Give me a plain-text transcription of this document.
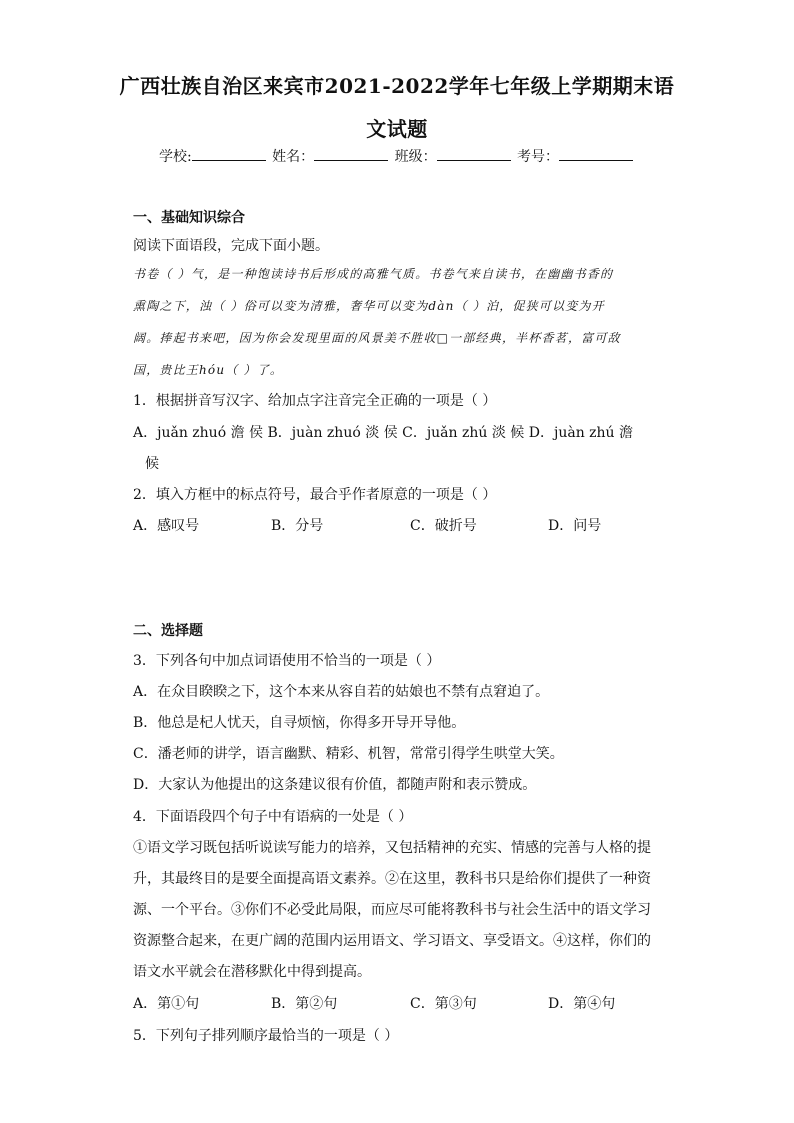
广西壮族自治区来宾市2021-2022学年七年级上学期期末语
文试题
学校:	姓名：	班级：	考号：
一、基础知识综合
阅读下面语段，完成下面小题。
书卷（ ）气，是一种饱读诗书后形成的高雅气质。书卷气来自读书，在幽幽书香的
熏陶之下，浊（ ）俗可以变为清雅，奢华可以变为dàn（ ）泊，促狭可以变为开
阔。捧起书来吧，因为你会发现里面的风景美不胜收□一部经典，半杯香茗，富可敌
国，贵比王hóu（ ）了。
1．根据拼音写汉字、给加点字注音完全正确的一项是（ ）
A．juǎn zhuó 澹 侯 B．juàn zhuó 淡 侯 C．juǎn zhú 淡 候 D．juàn zhú 澹
候
2．填入方框中的标点符号，最合乎作者原意的一项是（ ）
A．感叹号	B．分号	C．破折号	D．问号
二、选择题
3．下列各句中加点词语使用不恰当的一项是（ ）
A．在众目睽睽之下，这个本来从容自若的姑娘也不禁有点窘迫了。
B．他总是杞人忧天，自寻烦恼，你得多开导开导他。
C．潘老师的讲学，语言幽默、精彩、机智，常常引得学生哄堂大笑。
D．大家认为他提出的这条建议很有价值，都随声附和表示赞成。
4．下面语段四个句子中有语病的一处是（ ）
①语文学习既包括听说读写能力的培养，又包括精神的充实、情感的完善与人格的提
升，其最终目的是要全面提高语文素养。②在这里，教科书只是给你们提供了一种资
源、一个平台。③你们不必受此局限，而应尽可能将教科书与社会生活中的语文学习
资源整合起来，在更广阔的范围内运用语文、学习语文、享受语文。④这样，你们的
语文水平就会在潜移默化中得到提高。
A．第①句	B．第②句	C．第③句	D．第④句
5．下列句子排列顺序最恰当的一项是（ ）
